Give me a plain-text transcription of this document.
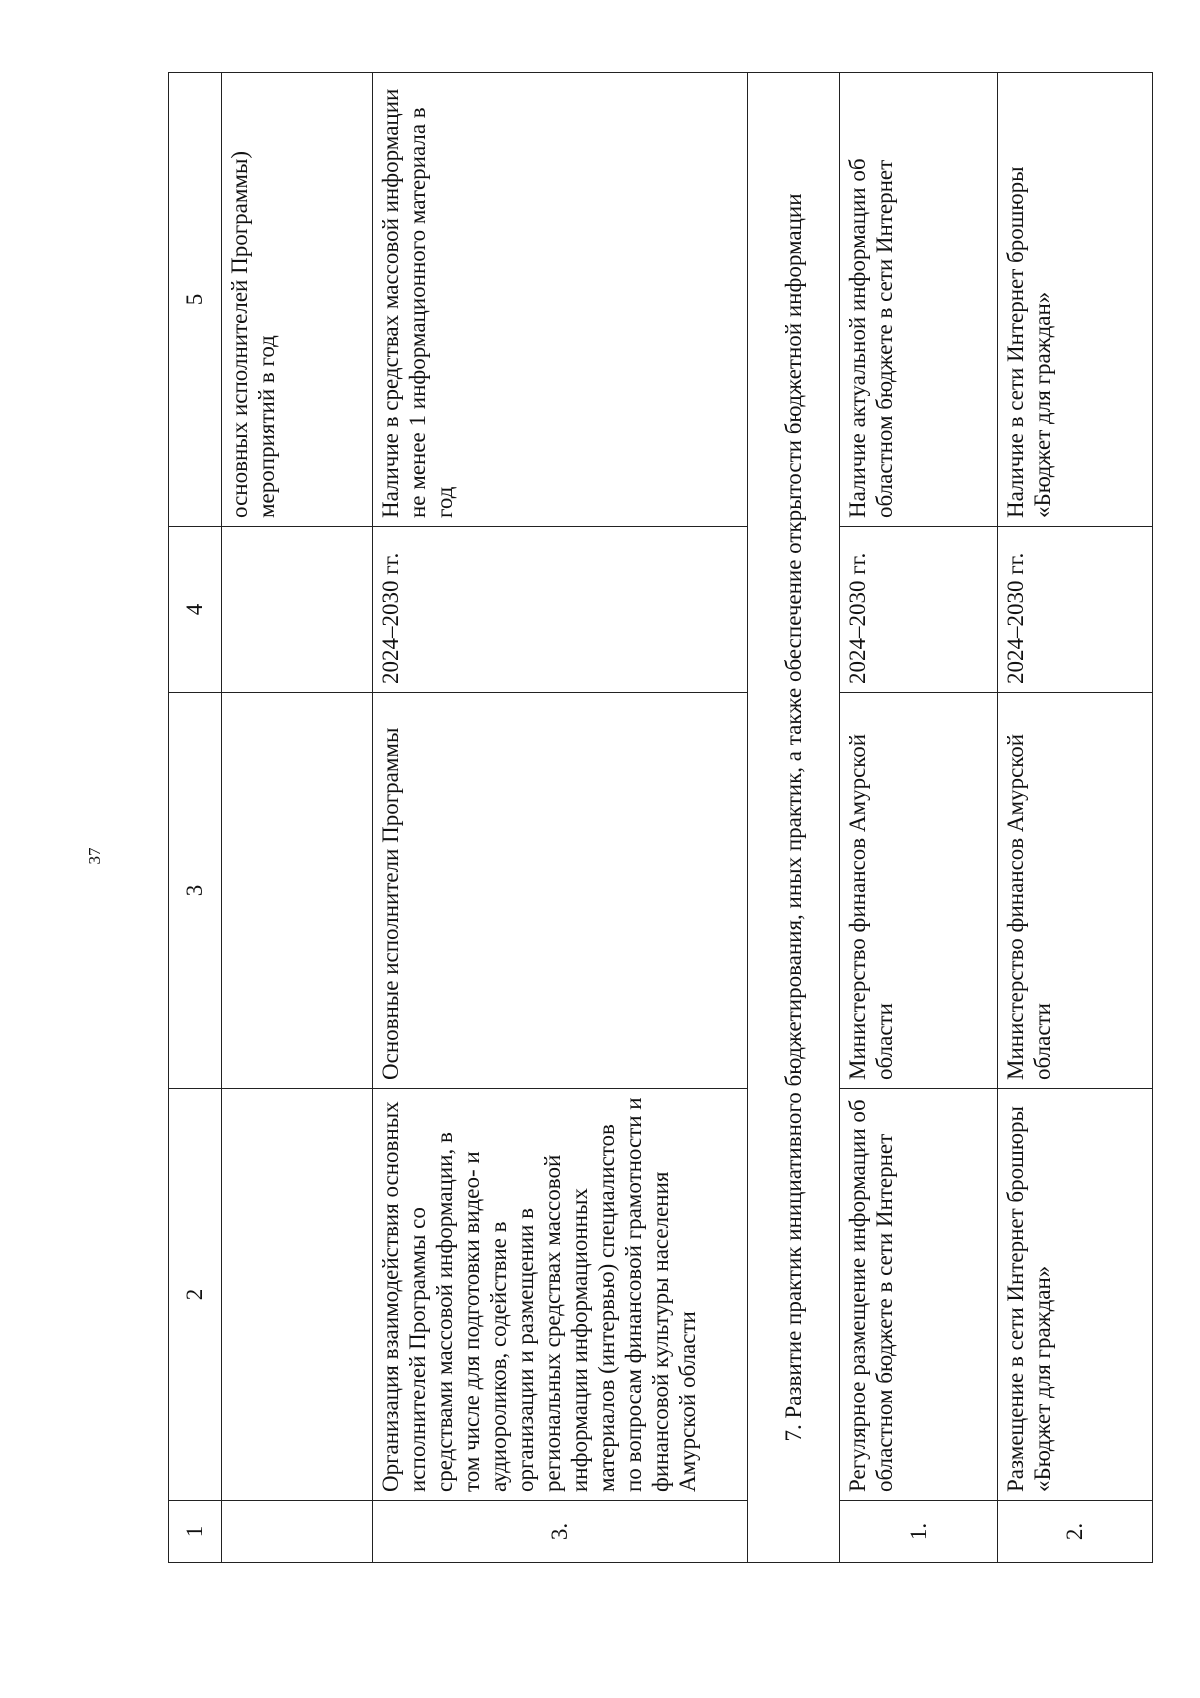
37
1	2	3	4	5
				основных исполнителей Программы) мероприятий в год
3.	Организация взаимодействия основных исполнителей Программы со средствами массовой информации, в том числе для подготовки видео- и аудиороликов, содействие в организации и размещении в региональных средствах массовой информации информационных материалов (интервью) специалистов по вопросам финансовой грамотности и финансовой культуры населения Амурской области	Основные исполнители Программы	2024–2030 гг.	Наличие в средствах массовой информации не менее 1 информационного материала в год
7. Развитие практик инициативного бюджетирования, иных практик, а также обеспечение открытости бюджетной информации				
1.	Регулярное размещение информации об областном бюджете в сети Интернет	Министерство финансов Амурской области	2024–2030 гг.	Наличие актуальной информации об областном бюджете в сети Интернет
2.	Размещение в сети Интернет брошюры «Бюджет для граждан»	Министерство финансов Амурской области	2024–2030 гг.	Наличие в сети Интернет брошюры «Бюджет для граждан»
